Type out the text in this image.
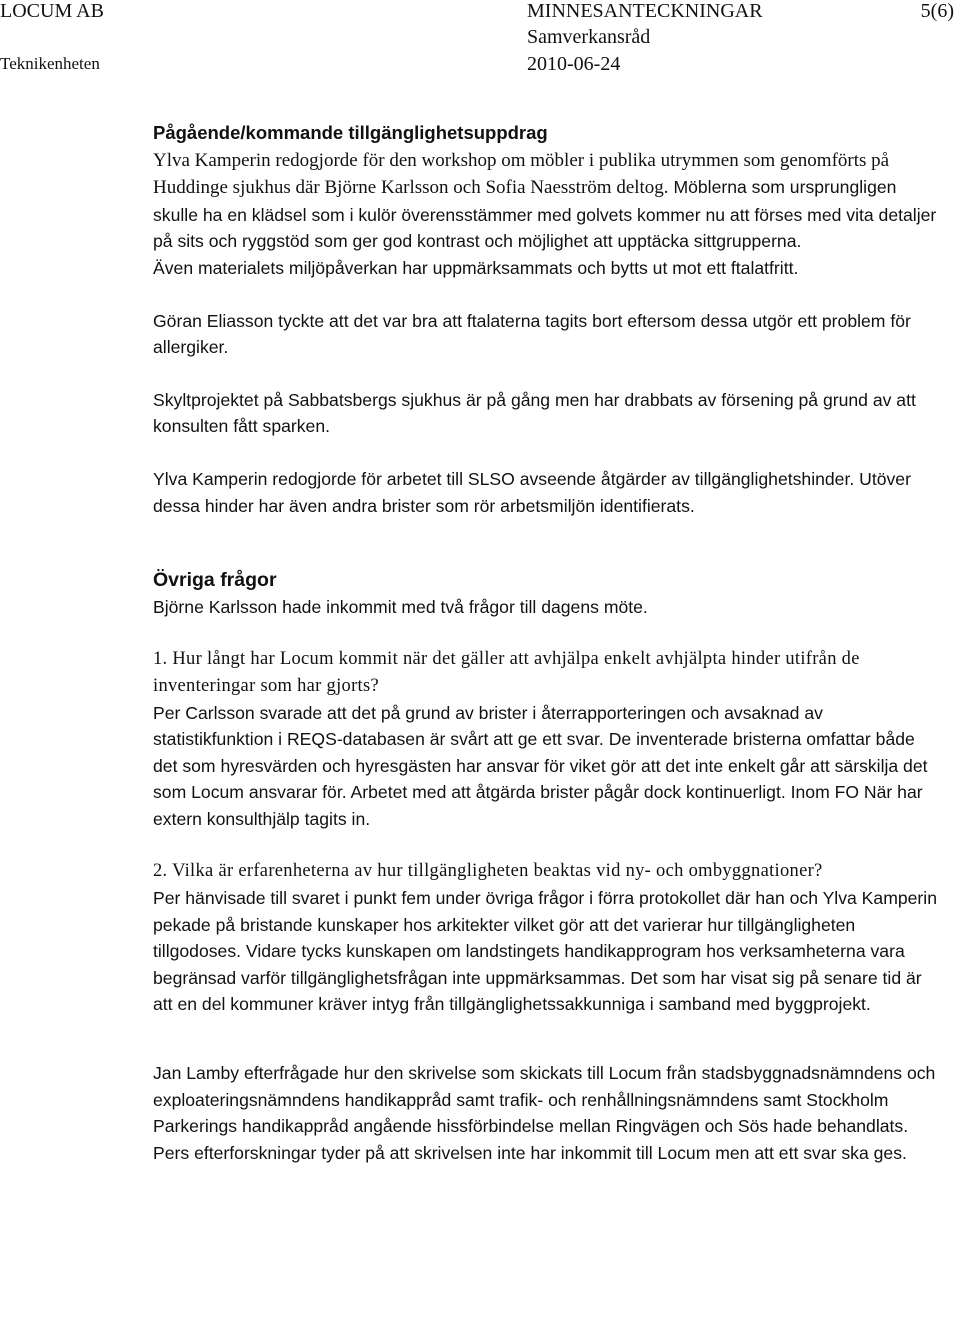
LOCUM AB	MINNESANTECKNINGAR	5(6)
Teknikenheten
Samverkansråd
2010-06-24

Pågående/kommande tillgänglighetsuppdrag

Ylva Kamperin redogjorde för den workshop om möbler i publika utrymmen som genomförts på Huddinge sjukhus där Björne Karlsson och Sofia Naesström deltog. Möblerna som ursprungligen skulle ha en klädsel som i kulör överensstämmer med golvets kommer nu att förses med vita detaljer på sits och ryggstöd som ger god kontrast och möjlighet att upptäcka sittgrupperna.

Även materialets miljöpåverkan har uppmärksammats och bytts ut mot ett ftalatfritt.

Göran Eliasson tyckte att det var bra att ftalaterna tagits bort eftersom dessa utgör ett problem för allergiker.

Skyltprojektet på Sabbatsbergs sjukhus är på gång men har drabbats av försening på grund av att konsulten fått sparken.

Ylva Kamperin redogjorde för arbetet till SLSO avseende åtgärder av tillgänglighetshinder. Utöver dessa hinder har även andra brister som rör arbetsmiljön identifierats.

Övriga frågor

Björne Karlsson hade inkommit med två frågor till dagens möte.

1. Hur långt har Locum kommit när det gäller att avhjälpa enkelt avhjälpta hinder utifrån de inventeringar som har gjorts?

Per Carlsson svarade att det på grund av brister i återrapporteringen och avsaknad av statistikfunktion i REQS-databasen är svårt att ge ett svar. De inventerade bristerna omfattar både det som hyresvärden och hyresgästen har ansvar för viket gör att det inte enkelt går att särskilja det som Locum ansvarar för. Arbetet med att åtgärda brister pågår dock kontinuerligt. Inom FO När har extern konsulthjälp tagits in.

2. Vilka är erfarenheterna av hur tillgängligheten beaktas vid ny- och ombyggnationer?

Per hänvisade till svaret i punkt fem under övriga frågor i förra protokollet där han och Ylva Kamperin pekade på bristande kunskaper hos arkitekter vilket gör att det varierar hur tillgängligheten tillgodoses. Vidare tycks kunskapen om landstingets handikapprogram hos verksamheterna vara begränsad varför tillgänglighetsfrågan inte uppmärksammas. Det som har visat sig på senare tid är att en del kommuner kräver intyg från tillgänglighetssakkunniga i samband med byggprojekt.

Jan Lamby efterfrågade hur den skrivelse som skickats till Locum från stadsbyggnadsnämndens och exploateringsnämndens handikappråd samt trafik- och renhållningsnämndens samt Stockholm Parkerings handikappråd angående hissförbindelse mellan Ringvägen och Sös hade behandlats. Pers efterforskningar tyder på att skrivelsen inte har inkommit till Locum men att ett svar ska ges.
